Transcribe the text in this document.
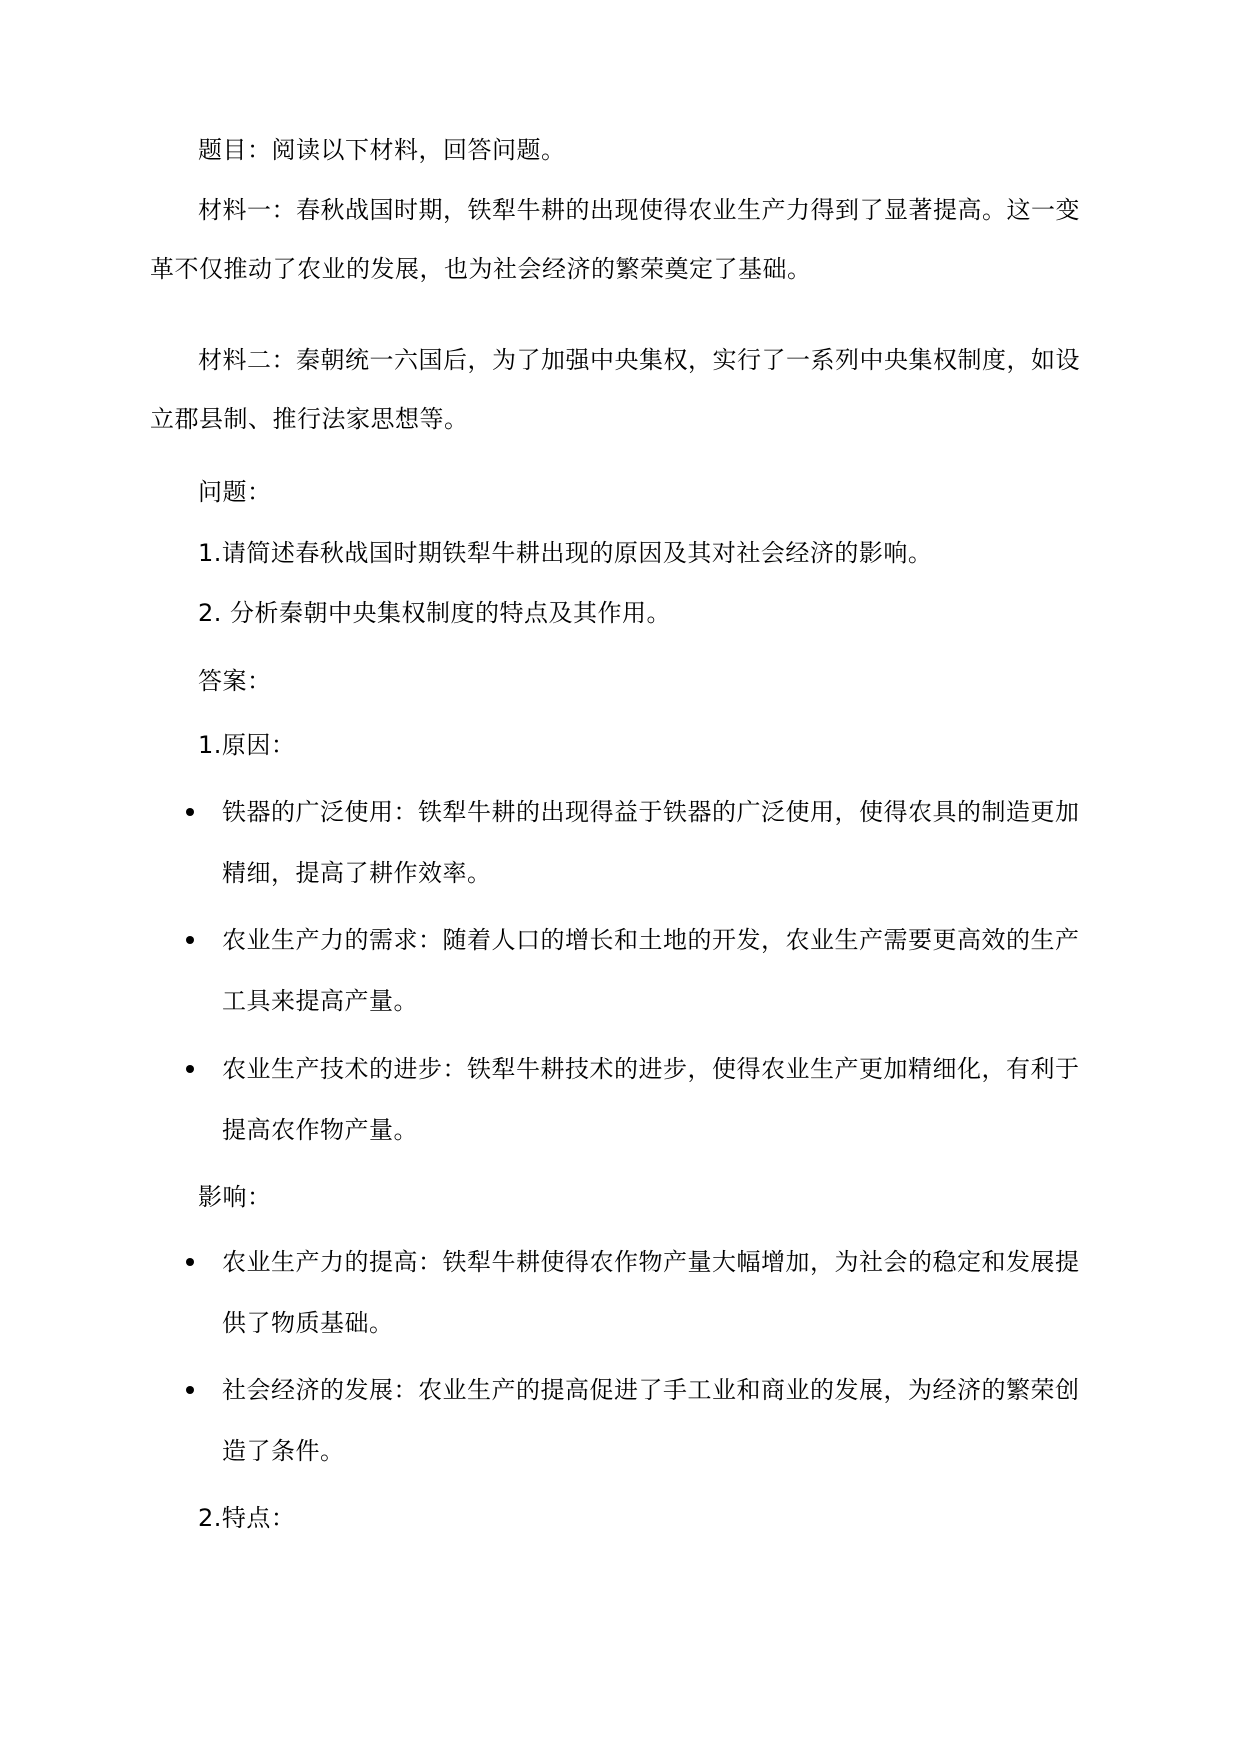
题目：阅读以下材料，回答问题。
材料一：春秋战国时期，铁犁牛耕的出现使得农业生产力得到了显著提高。这一变
革不仅推动了农业的发展，也为社会经济的繁荣奠定了基础。
材料二：秦朝统一六国后，为了加强中央集权，实行了一系列中央集权制度，如设
立郡县制、推行法家思想等。
问题：
1.请简述春秋战国时期铁犁牛耕出现的原因及其对社会经济的影响。
2. 分析秦朝中央集权制度的特点及其作用。
答案：
1.原因：
铁器的广泛使用：铁犁牛耕的出现得益于铁器的广泛使用，使得农具的制造更加
精细，提高了耕作效率。
农业生产力的需求：随着人口的增长和土地的开发，农业生产需要更高效的生产
工具来提高产量。
农业生产技术的进步：铁犁牛耕技术的进步，使得农业生产更加精细化，有利于
提高农作物产量。
影响：
农业生产力的提高：铁犁牛耕使得农作物产量大幅增加，为社会的稳定和发展提
供了物质基础。
社会经济的发展：农业生产的提高促进了手工业和商业的发展，为经济的繁荣创
造了条件。
2.特点：
